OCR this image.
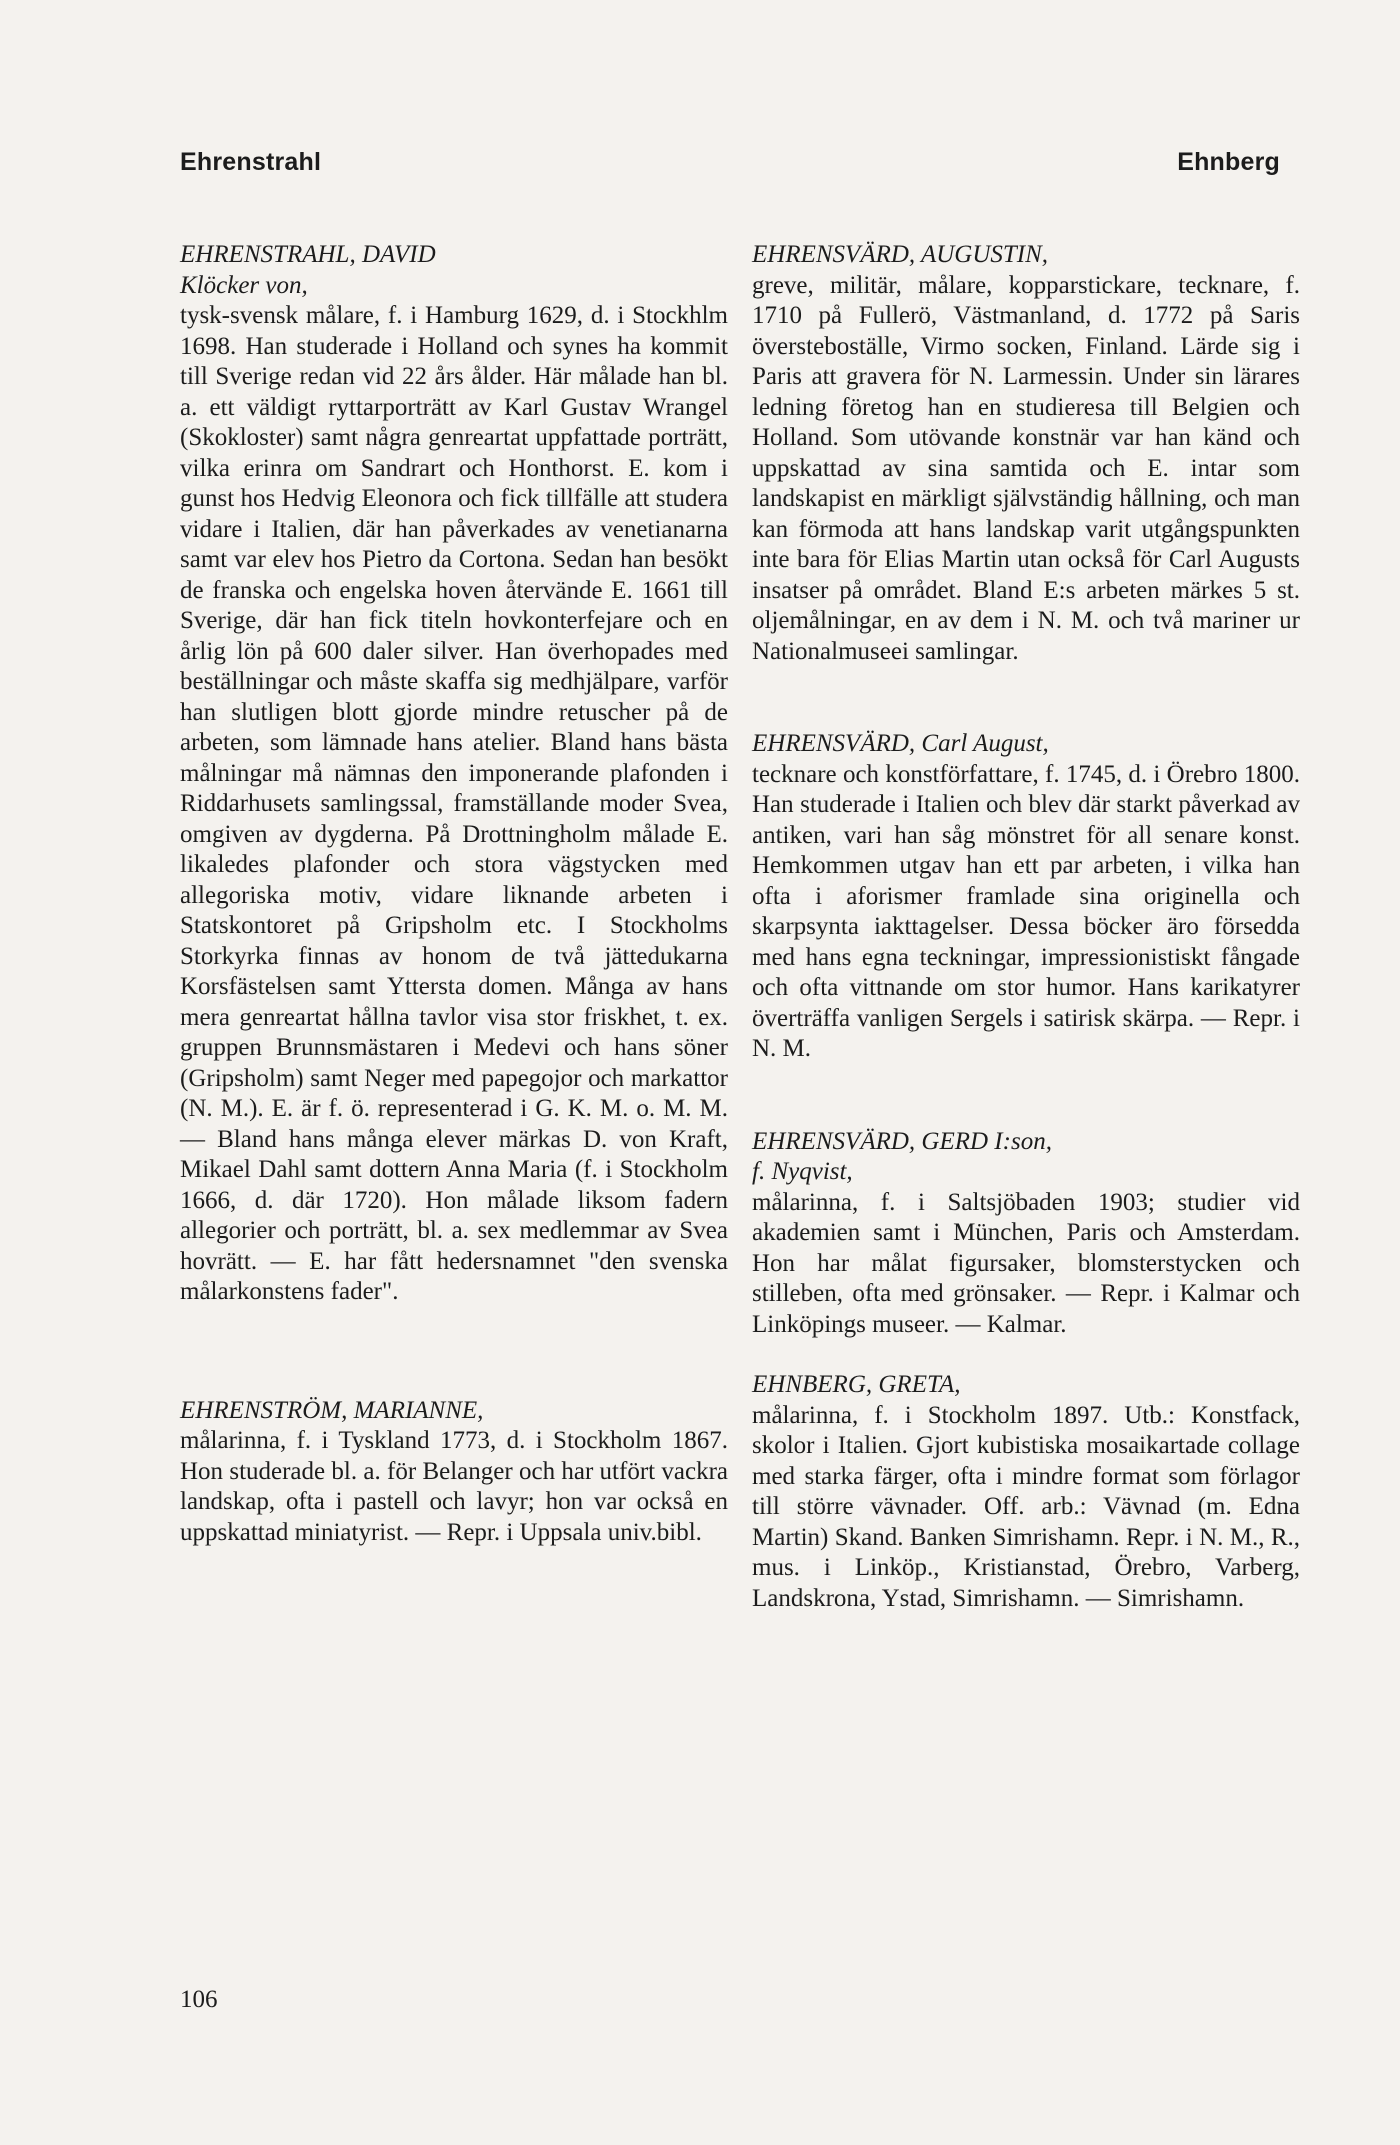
Ehrenstrahl	Ehnberg
EHRENSTRAHL, DAVID
Klöcker von,
tysk-svensk målare, f. i Hamburg 1629, d. i Stockhlm 1698. Han studerade i Holland och synes ha kommit till Sverige redan vid 22 års ålder. Här målade han bl. a. ett väldigt ryttarporträtt av Karl Gustav Wrangel (Skokloster) samt några genreartat uppfattade porträtt, vilka erinra om Sandrart och Honthorst. E. kom i gunst hos Hedvig Eleonora och fick tillfälle att studera vidare i Italien, där han påverkades av venetianarna samt var elev hos Pietro da Cortona. Sedan han besökt de franska och engelska hoven återvände E. 1661 till Sverige, där han fick titeln hovkonterfejare och en årlig lön på 600 daler silver. Han överhopades med beställningar och måste skaffa sig medhjälpare, varför han slutligen blott gjorde mindre retuscher på de arbeten, som lämnade hans atelier. Bland hans bästa målningar må nämnas den imponerande plafonden i Riddarhusets samlingssal, framställande moder Svea, omgiven av dygderna. På Drottningholm målade E. likaledes plafonder och stora vägstycken med allegoriska motiv, vidare liknande arbeten i Statskontoret på Gripsholm etc. I Stockholms Storkyrka finnas av honom de två jättedukarna Korsfästelsen samt Yttersta domen. Många av hans mera genreartat hållna tavlor visa stor friskhet, t. ex. gruppen Brunnsmästaren i Medevi och hans söner (Gripsholm) samt Neger med papegojor och markattor (N. M.). E. är f. ö. representerad i G. K. M. o. M. M. — Bland hans många elever märkas D. von Kraft, Mikael Dahl samt dottern Anna Maria (f. i Stockholm 1666, d. där 1720). Hon målade liksom fadern allegorier och porträtt, bl. a. sex medlemmar av Svea hovrätt. — E. har fått hedersnamnet "den svenska målarkonstens fader".
EHRENSTRÖM, MARIANNE,
målarinna, f. i Tyskland 1773, d. i Stockholm 1867. Hon studerade bl. a. för Belanger och har utfört vackra landskap, ofta i pastell och lavyr; hon var också en uppskattad miniatyrist. — Repr. i Uppsala univ.bibl.
EHRENSVÄRD, AUGUSTIN,
greve, militär, målare, kopparstickare, tecknare, f. 1710 på Fullerö, Västmanland, d. 1772 på Saris översteboställe, Virmo socken, Finland. Lärde sig i Paris att gravera för N. Larmessin. Under sin lärares ledning företog han en studieresa till Belgien och Holland. Som utövande konstnär var han känd och uppskattad av sina samtida och E. intar som landskapist en märkligt självständig hållning, och man kan förmoda att hans landskap varit utgångspunkten inte bara för Elias Martin utan också för Carl Augusts insatser på området. Bland E:s arbeten märkes 5 st. oljemålningar, en av dem i N. M. och två mariner ur Nationalmuseei samlingar.
EHRENSVÄRD, Carl August,
tecknare och konstförfattare, f. 1745, d. i Örebro 1800. Han studerade i Italien och blev där starkt påverkad av antiken, vari han såg mönstret för all senare konst. Hemkommen utgav han ett par arbeten, i vilka han ofta i aforismer framlade sina originella och skarpsynta iakttagelser. Dessa böcker äro försedda med hans egna teckningar, impressionistiskt fångade och ofta vittnande om stor humor. Hans karikatyrer överträffa vanligen Sergels i satirisk skärpa. — Repr. i N. M.
EHRENSVÄRD, GERD I:son,
f. Nyqvist,
målarinna, f. i Saltsjöbaden 1903; studier vid akademien samt i München, Paris och Amsterdam. Hon har målat figursaker, blomsterstycken och stilleben, ofta med grönsaker. — Repr. i Kalmar och Linköpings museer. — Kalmar.
EHNBERG, GRETA,
målarinna, f. i Stockholm 1897. Utb.: Konstfack, skolor i Italien. Gjort kubistiska mosaikartade collage med starka färger, ofta i mindre format som förlagor till större vävnader. Off. arb.: Vävnad (m. Edna Martin) Skand. Banken Simrishamn. Repr. i N. M., R., mus. i Linköp., Kristianstad, Örebro, Varberg, Landskrona, Ystad, Simrishamn. — Simrishamn.
106
